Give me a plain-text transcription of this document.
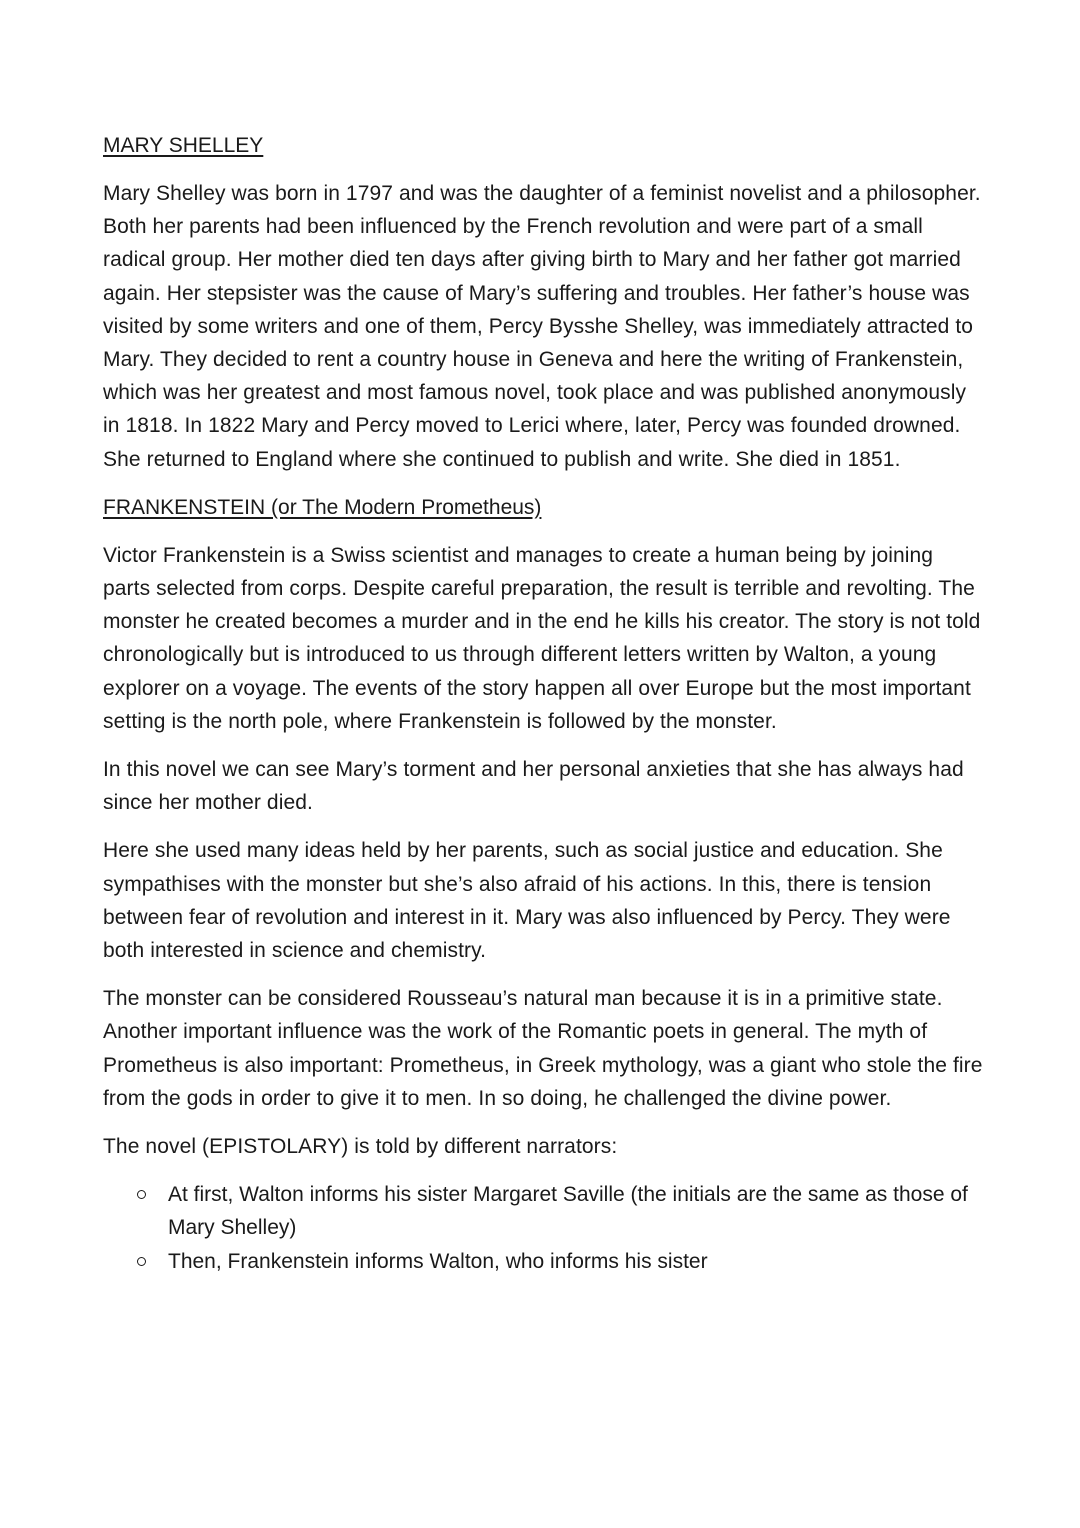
MARY SHELLEY

Mary Shelley was born in 1797 and was the daughter of a feminist novelist and a philosopher. Both her parents had been influenced by the French revolution and were part of a small radical group. Her mother died ten days after giving birth to Mary and her father got married again. Her stepsister was the cause of Mary’s suffering and troubles. Her father’s house was visited by some writers and one of them, Percy Bysshe Shelley, was immediately attracted to Mary. They decided to rent a country house in Geneva and here the writing of Frankenstein, which was her greatest and most famous novel, took place and was published anonymously in 1818. In 1822 Mary and Percy moved to Lerici where, later, Percy was founded drowned. She returned to England where she continued to publish and write. She died in 1851.

FRANKENSTEIN (or The Modern Prometheus)

Victor Frankenstein is a Swiss scientist and manages to create a human being by joining parts selected from corps. Despite careful preparation, the result is terrible and revolting. The monster he created becomes a murder and in the end he kills his creator. The story is not told chronologically but is introduced to us through different letters written by Walton, a young explorer on a voyage. The events of the story happen all over Europe but the most important setting is the north pole, where Frankenstein is followed by the monster.

In this novel we can see Mary’s torment and her personal anxieties that she has always had since her mother died.

Here she used many ideas held by her parents, such as social justice and education. She sympathises with the monster but she’s also afraid of his actions. In this, there is tension between fear of revolution and interest in it. Mary was also influenced by Percy. They were both interested in science and chemistry.

The monster can be considered Rousseau’s natural man because it is in a primitive state. Another important influence was the work of the Romantic poets in general. The myth of Prometheus is also important: Prometheus, in Greek mythology, was a giant who stole the fire from the gods in order to give it to men. In so doing, he challenged the divine power.

The novel (EPISTOLARY) is told by different narrators:

At first, Walton informs his sister Margaret Saville (the initials are the same as those of Mary Shelley)
Then, Frankenstein informs Walton, who informs his sister
